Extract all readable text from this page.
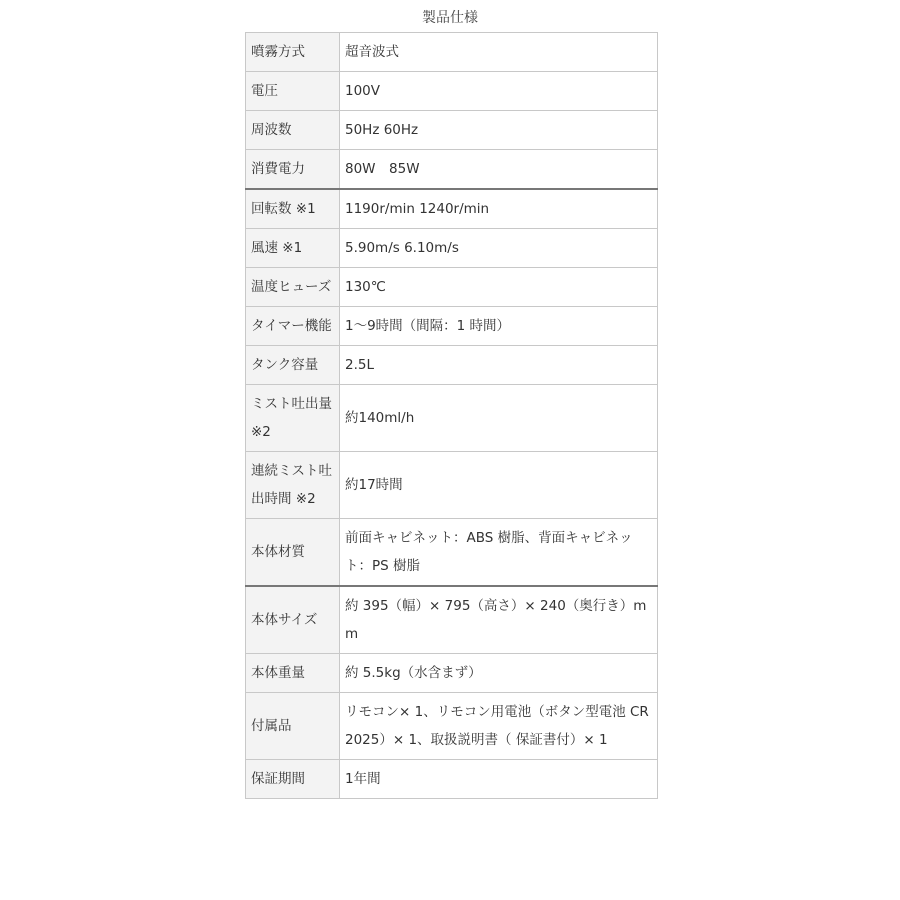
製品仕様
噴霧方式	超音波式
電圧	100V
周波数	50Hz 60Hz
消費電力	80W　85W
回転数 ※1	1190r/min 1240r/min
風速 ※1	5.90m/s 6.10m/s
温度ヒューズ	130℃
タイマー機能	1～9時間（間隔：1 時間）
タンク容量	2.5L
ミスト吐出量 ※2	約140ml/h
連続ミスト吐出時間 ※2	約17時間
本体材質	前面キャビネット：ABS 樹脂、背面キャビネット：PS 樹脂
本体サイズ	約 395（幅）× 795（高さ）× 240（奥行き）mm
本体重量	約 5.5kg（水含まず）
付属品	リモコン× 1、リモコン用電池（ボタン型電池 CR2025）× 1、取扱説明書（ 保証書付）× 1
保証期間	1年間
